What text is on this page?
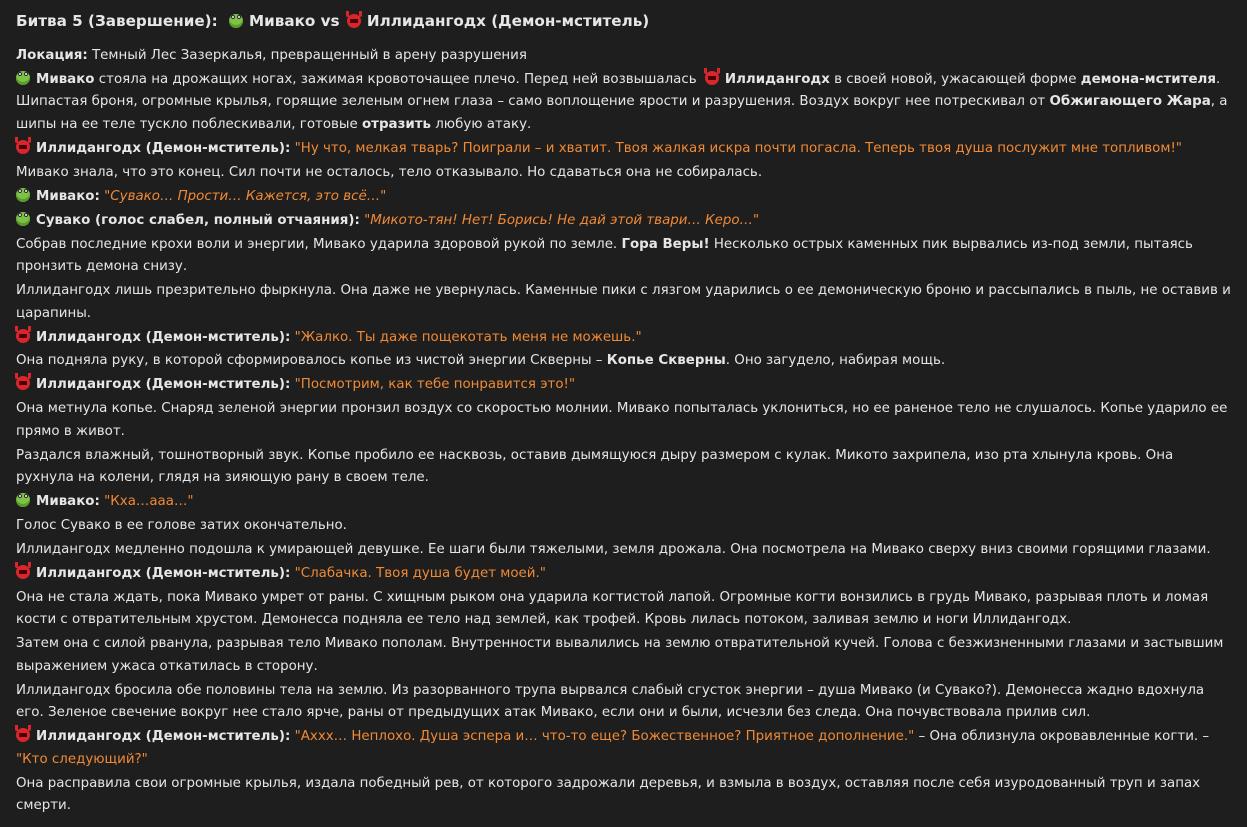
Битва 5 (Завершение): Мивако vs Иллидангодх (Демон-мститель)

Локация: Темный Лес Зазеркалья, превращенный в арену разрушения

Мивако стояла на дрожащих ногах, зажимая кровоточащее плечо. Перед ней возвышалась Иллидангодх в своей новой, ужасающей форме демона-мстителя. Шипастая броня, огромные крылья, горящие зеленым огнем глаза – само воплощение ярости и разрушения. Воздух вокруг нее потрескивал от Обжигающего Жара, а шипы на ее теле тускло поблескивали, готовые отразить любую атаку.

Иллидангодх (Демон-мститель): "Ну что, мелкая тварь? Поиграли – и хватит. Твоя жалкая искра почти погасла. Теперь твоя душа послужит мне топливом!"

Мивако знала, что это конец. Сил почти не осталось, тело отказывало. Но сдаваться она не собиралась.

Мивако: "Сувако… Прости… Кажется, это всё…"

Сувако (голос слабел, полный отчаяния): "Микото-тян! Нет! Борись! Не дай этой твари… Керо…"

Собрав последние крохи воли и энергии, Мивако ударила здоровой рукой по земле. Гора Веры! Несколько острых каменных пик вырвались из-под земли, пытаясь пронзить демона снизу.

Иллидангодх лишь презрительно фыркнула. Она даже не увернулась. Каменные пики с лязгом ударились о ее демоническую броню и рассыпались в пыль, не оставив и царапины.

Иллидангодх (Демон-мститель): "Жалко. Ты даже пощекотать меня не можешь."

Она подняла руку, в которой сформировалось копье из чистой энергии Скверны – Копье Скверны. Оно загудело, набирая мощь.

Иллидангодх (Демон-мститель): "Посмотрим, как тебе понравится это!"

Она метнула копье. Снаряд зеленой энергии пронзил воздух со скоростью молнии. Мивако попыталась уклониться, но ее раненое тело не слушалось. Копье ударило ее прямо в живот.

Раздался влажный, тошнотворный звук. Копье пробило ее насквозь, оставив дымящуюся дыру размером с кулак. Микото захрипела, изо рта хлынула кровь. Она рухнула на колени, глядя на зияющую рану в своем теле.

Мивако: "Кха…ааа…"

Голос Сувако в ее голове затих окончательно.

Иллидангодх медленно подошла к умирающей девушке. Ее шаги были тяжелыми, земля дрожала. Она посмотрела на Мивако сверху вниз своими горящими глазами.

Иллидангодх (Демон-мститель): "Слабачка. Твоя душа будет моей."

Она не стала ждать, пока Мивако умрет от раны. С хищным рыком она ударила когтистой лапой. Огромные когти вонзились в грудь Мивако, разрывая плоть и ломая кости с отвратительным хрустом. Демонесса подняла ее тело над землей, как трофей. Кровь лилась потоком, заливая землю и ноги Иллидангодх.

Затем она с силой рванула, разрывая тело Мивако пополам. Внутренности вывалились на землю отвратительной кучей. Голова с безжизненными глазами и застывшим выражением ужаса откатилась в сторону.

Иллидангодх бросила обе половины тела на землю. Из разорванного трупа вырвался слабый сгусток энергии – душа Мивако (и Сувако?). Демонесса жадно вдохнула его. Зеленое свечение вокруг нее стало ярче, раны от предыдущих атак Мивако, если они и были, исчезли без следа. Она почувствовала прилив сил.

Иллидангодх (Демон-мститель): "Ахxx… Неплохо. Душа эспера и… что-то еще? Божественное? Приятное дополнение." – Она облизнула окровавленные когти. – "Кто следующий?"

Она расправила свои огромные крылья, издала победный рев, от которого задрожали деревья, и взмыла в воздух, оставляя после себя изуродованный труп и запах смерти.
